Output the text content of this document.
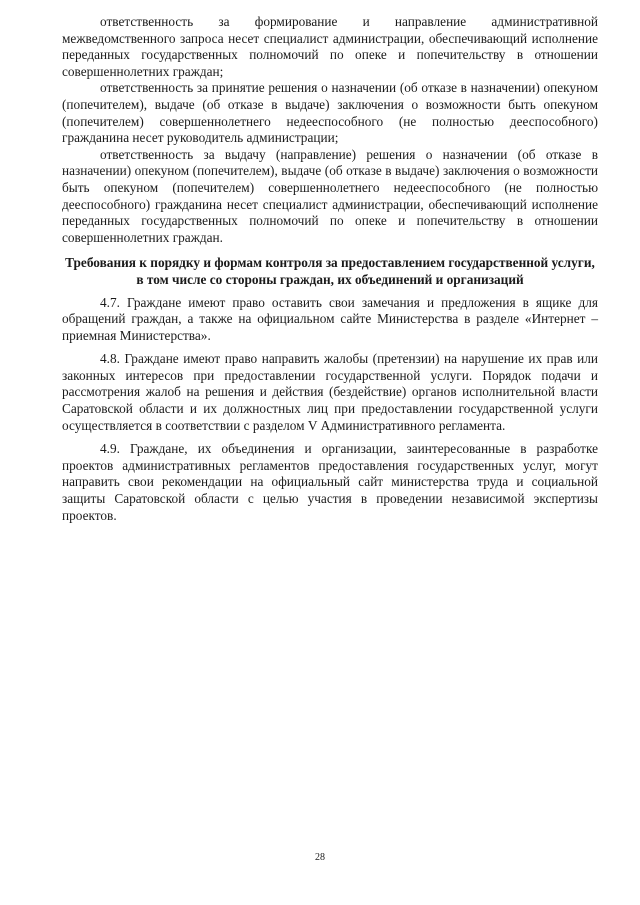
ответственность за формирование и направление административной межведомственного запроса несет специалист администрации, обеспечивающий исполнение переданных государственных полномочий по опеке и попечительству в отношении совершеннолетних граждан;

ответственность за принятие решения о назначении (об отказе в назначении) опекуном (попечителем), выдаче (об отказе в выдаче) заключения о возможности быть опекуном (попечителем) совершеннолетнего недееспособного (не полностью дееспособного) гражданина несет руководитель администрации;

ответственность за выдачу (направление) решения о назначении (об отказе в назначении) опекуном (попечителем), выдаче (об отказе в выдаче) заключения о возможности быть опекуном (попечителем) совершеннолетнего недееспособного (не полностью дееспособного) гражданина несет специалист администрации, обеспечивающий исполнение переданных государственных полномочий по опеке и попечительству в отношении совершеннолетних граждан.

Требования к порядку и формам контроля за предоставлением государственной услуги, в том числе со стороны граждан, их объединений и организаций

4.7. Граждане имеют право оставить свои замечания и предложения в ящике для обращений граждан, а также на официальном сайте Министерства в разделе «Интернет – приемная Министерства».

4.8. Граждане имеют право направить жалобы (претензии) на нарушение их прав или законных интересов при предоставлении государственной услуги. Порядок подачи и рассмотрения жалоб на решения и действия (бездействие) органов исполнительной власти Саратовской области и их должностных лиц при предоставлении государственной услуги осуществляется в соответствии с разделом V Административного регламента.

4.9. Граждане, их объединения и организации, заинтересованные в разработке проектов административных регламентов предоставления государственных услуг, могут направить свои рекомендации на официальный сайт министерства труда и социальной защиты Саратовской области с целью участия в проведении независимой экспертизы проектов.

28
